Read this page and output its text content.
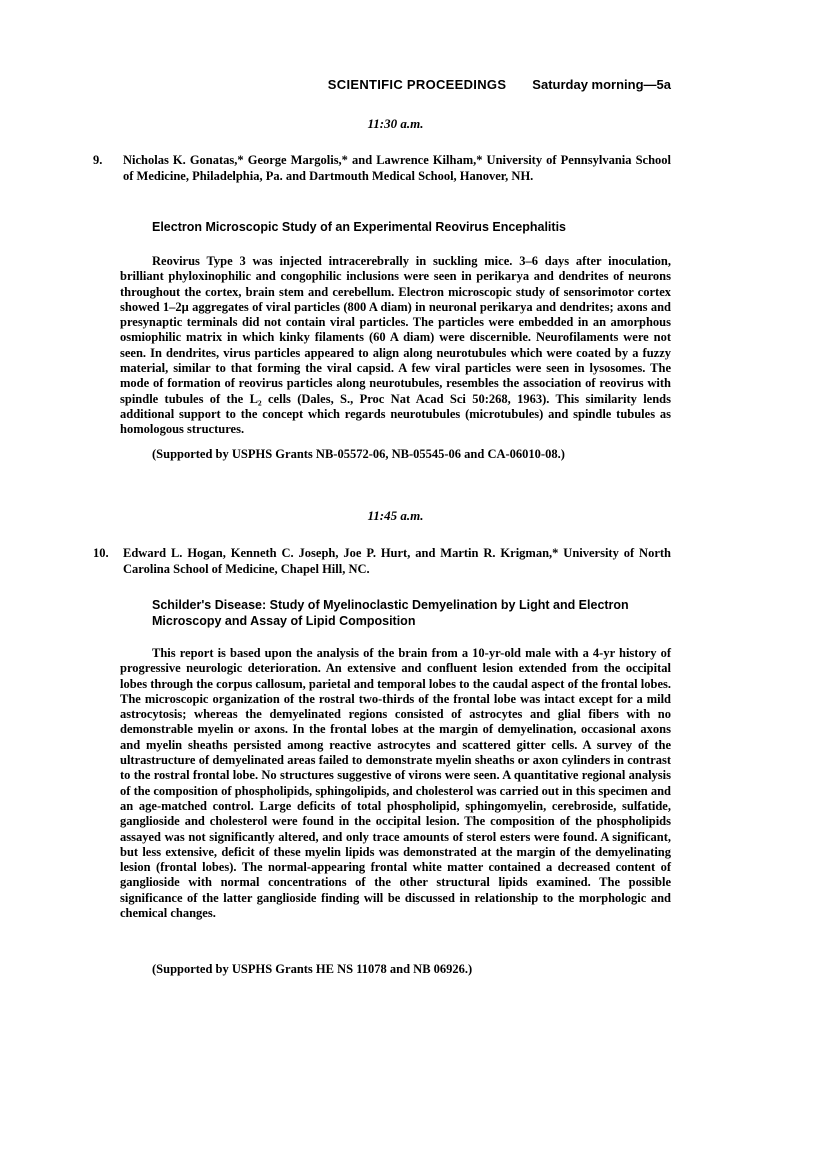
SCIENTIFIC PROCEEDINGS Saturday morning—5a
11:30 a.m.
9. Nicholas K. Gonatas,* George Margolis,* and Lawrence Kilham,* University of Pennsylvania School of Medicine, Philadelphia, Pa. and Dartmouth Medical School, Hanover, NH.
Electron Microscopic Study of an Experimental Reovirus Encephalitis

Reovirus Type 3 was injected intracerebrally in suckling mice. 3–6 days after inoculation, brilliant phyloxinophilic and congophilic inclusions were seen in perikarya and dendrites of neurons throughout the cortex, brain stem and cerebellum. Electron microscopic study of sensorimotor cortex showed 1–2μ aggregates of viral particles (800 A diam) in neuronal perikarya and dendrites; axons and presynaptic terminals did not contain viral particles. The particles were embedded in an amorphous osmiophilic matrix in which kinky filaments (60 A diam) were discernible. Neurofilaments were not seen. In dendrites, virus particles appeared to align along neurotubules which were coated by a fuzzy material, similar to that forming the viral capsid. A few viral particles were seen in lysosomes. The mode of formation of reovirus particles along neurotubules, resembles the association of reovirus with spindle tubules of the L₂ cells (Dales, S., Proc Nat Acad Sci 50:268, 1963). This similarity lends additional support to the concept which regards neurotubules (microtubules) and spindle tubules as homologous structures.

(Supported by USPHS Grants NB-05572-06, NB-05545-06 and CA-06010-08.)
11:45 a.m.
10. Edward L. Hogan, Kenneth C. Joseph, Joe P. Hurt, and Martin R. Krigman,* University of North Carolina School of Medicine, Chapel Hill, NC.
Schilder's Disease: Study of Myelinoclastic Demyelination by Light and Electron Microscopy and Assay of Lipid Composition

This report is based upon the analysis of the brain from a 10-yr-old male with a 4-yr history of progressive neurologic deterioration. An extensive and confluent lesion extended from the occipital lobes through the corpus callosum, parietal and temporal lobes to the caudal aspect of the frontal lobes. The microscopic organization of the rostral two-thirds of the frontal lobe was intact except for a mild astrocytosis; whereas the demyelinated regions consisted of astrocytes and glial fibers with no demonstrable myelin or axons. In the frontal lobes at the margin of demyelination, occasional axons and myelin sheaths persisted among reactive astrocytes and scattered gitter cells. A survey of the ultrastructure of demyelinated areas failed to demonstrate myelin sheaths or axon cylinders in contrast to the rostral frontal lobe. No structures suggestive of virons were seen. A quantitative regional analysis of the composition of phospholipids, sphingolipids, and cholesterol was carried out in this specimen and an age-matched control. Large deficits of total phospholipid, sphingomyelin, cerebroside, sulfatide, ganglioside and cholesterol were found in the occipital lesion. The composition of the phospholipids assayed was not significantly altered, and only trace amounts of sterol esters were found. A significant, but less extensive, deficit of these myelin lipids was demonstrated at the margin of the demyelinating lesion (frontal lobes). The normal-appearing frontal white matter contained a decreased content of ganglioside with normal concentrations of the other structural lipids examined. The possible significance of the latter ganglioside finding will be discussed in relationship to the morphologic and chemical changes.

(Supported by USPHS Grants HE NS 11078 and NB 06926.)
